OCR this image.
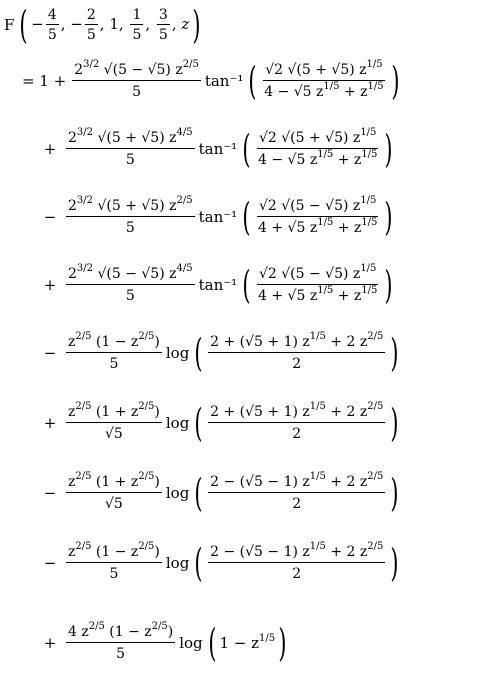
F ( − $\frac{4}{5}$ , − $\frac{2}{5}$ , 1, $\frac{1}{5}$ , $\frac{3}{5}$ , z )
= $1 + \frac{2^{3/2} √(5 - √5) z^{2/5}}{5} \tan^{-1}$ ( $\frac{√2 √(5 + √5) z^{1/5}}{4 - √5 z^{1/5} + z^{1/5}}$ )
+ $\frac{2^{3/2} √(5 + √5) z^{4/5}}{5} \tan^{-1}$ ( $\frac{√2 √(5 + √5) z^{1/5}}{4 - √5 z^{1/5} + z^{1/5}}$ )
− $\frac{2^{3/2} √(5 + √5) z^{2/5}}{5} \tan^{-1}$ ( $\frac{√2 √(5 - √5) z^{1/5}}{4 + √5 z^{1/5} + z^{1/5}}$ )
+ $\frac{2^{3/2} √(5 - √5) z^{4/5}}{5} \tan^{-1}$ ( $\frac{√2 √(5 - √5) z^{1/5}}{4 + √5 z^{1/5} + z^{1/5}}$ )
− $\frac{z^{2/5} (1 - z^{2/5})}{5}$ log ( $\frac{2 + (√5 + 1) z^{1/5} + 2 z^{2/5}}{2}$ )
+ $\frac{z^{2/5} (1 + z^{2/5})}{√5}$ log ( $\frac{2 + (√5 + 1) z^{1/5} + 2 z^{2/5}}{2}$ )
− $\frac{z^{2/5} (1 + z^{2/5})}{√5}$ log ( $\frac{2 - (√5 - 1) z^{1/5} + 2 z^{2/5}}{2}$ )
− $\frac{z^{2/5} (1 - z^{2/5})}{5}$ log ( $\frac{2 - (√5 - 1) z^{1/5} + 2 z^{2/5}}{2}$ )
+ $\frac{4 z^{2/5} (1 - z^{2/5})}{5}$ log ( $1 - z^{1/5}$ )
